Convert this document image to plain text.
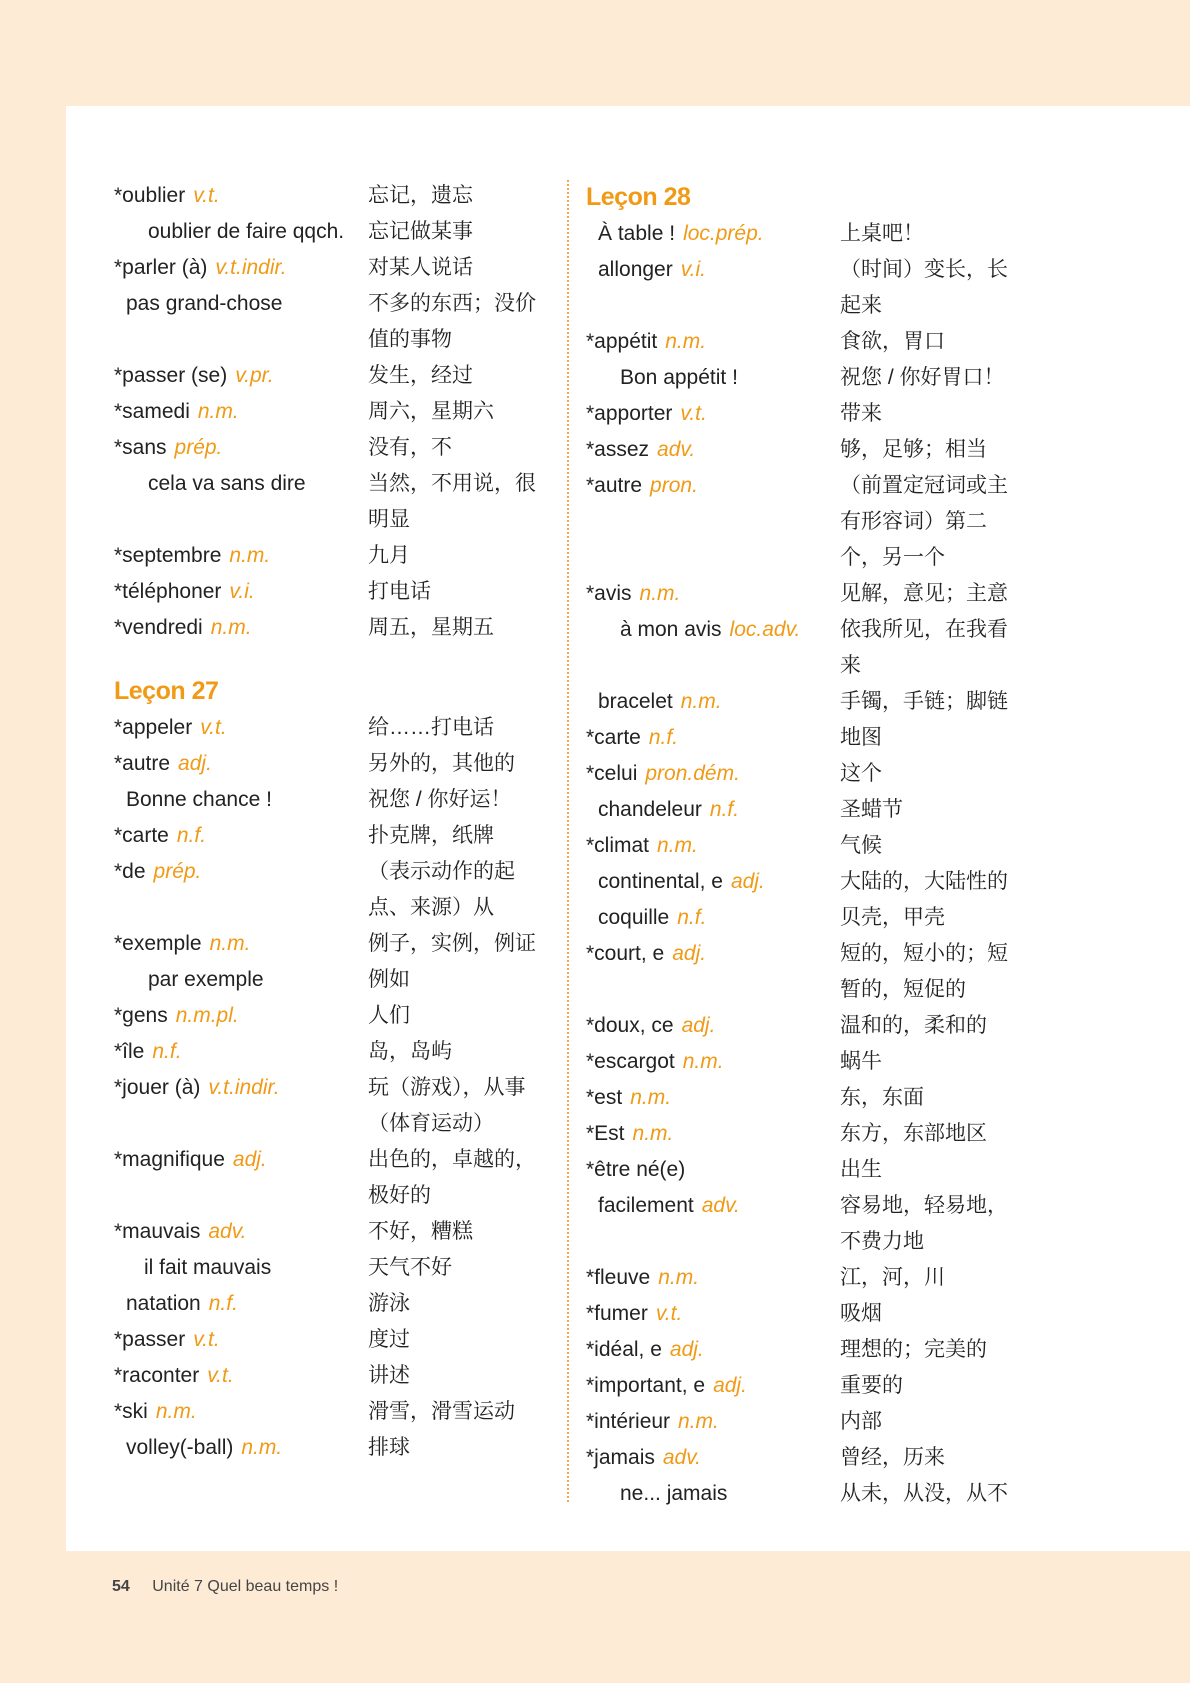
*oublier v.t.	忘记，遗忘
oublier de faire qqch.	忘记做某事
*parler (à) v.t.indir.	对某人说话
pas grand-chose	不多的东西；没价值的事物
*passer (se) v.pr.	发生，经过
*samedi n.m.	周六，星期六
*sans prép.	没有，不
cela va sans dire	当然，不用说，很明显
*septembre n.m.	九月
*téléphoner v.i.	打电话
*vendredi n.m.	周五，星期五
Leçon 27
*appeler v.t.	给……打电话
*autre adj.	另外的，其他的
Bonne chance !	祝您 / 你好运！
*carte n.f.	扑克牌，纸牌
*de prép.	（表示动作的起点、来源）从
*exemple n.m.	例子，实例，例证
par exemple	例如
*gens n.m.pl.	人们
*île n.f.	岛，岛屿
*jouer (à) v.t.indir.	玩（游戏），从事（体育运动）
*magnifique adj.	出色的，卓越的，极好的
*mauvais adv.	不好，糟糕
il fait mauvais	天气不好
natation n.f.	游泳
*passer v.t.	度过
*raconter v.t.	讲述
*ski n.m.	滑雪，滑雪运动
volley(-ball) n.m.	排球
Leçon 28
À table ! loc.prép.	上桌吧！
allonger v.i.	（时间）变长，长起来
*appétit n.m.	食欲，胃口
Bon appétit !	祝您 / 你好胃口！
*apporter v.t.	带来
*assez adv.	够，足够；相当
*autre pron.	（前置定冠词或主有形容词）第二个，另一个
*avis n.m.	见解，意见；主意
à mon avis loc.adv.	依我所见，在我看来
bracelet n.m.	手镯，手链；脚链
*carte n.f.	地图
*celui pron.dém.	这个
chandeleur n.f.	圣蜡节
*climat n.m.	气候
continental, e adj.	大陆的，大陆性的
coquille n.f.	贝壳，甲壳
*court, e adj.	短的，短小的；短暂的，短促的
*doux, ce adj.	温和的，柔和的
*escargot n.m.	蜗牛
*est n.m.	东，东面
*Est n.m.	东方，东部地区
*être né(e)	出生
facilement adv.	容易地，轻易地，不费力地
*fleuve n.m.	江，河，川
*fumer v.t.	吸烟
*idéal, e adj.	理想的；完美的
*important, e adj.	重要的
*intérieur n.m.	内部
*jamais adv.	曾经，历来
ne... jamais	从未，从没，从不
54 Unité 7 Quel beau temps !
